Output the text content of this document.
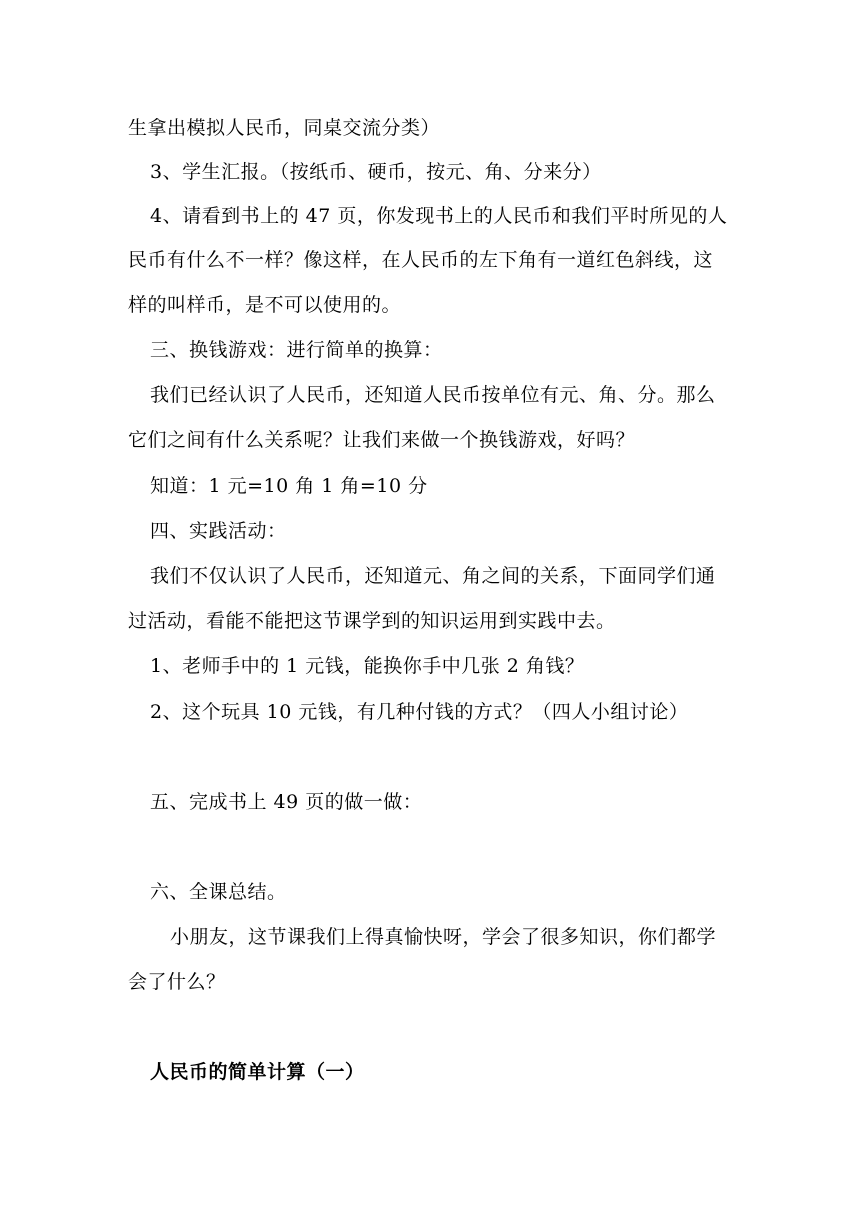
生拿出模拟人民币，同桌交流分类）
3、学生汇报。（按纸币、硬币，按元、角、分来分）
4、请看到书上的 47 页，你发现书上的人民币和我们平时所见的人
民币有什么不一样？像这样，在人民币的左下角有一道红色斜线，这
样的叫样币，是不可以使用的。
三、换钱游戏：进行简单的换算：
我们已经认识了人民币，还知道人民币按单位有元、角、分。那么
它们之间有什么关系呢？让我们来做一个换钱游戏，好吗？
知道：1 元=10 角 1 角=10 分
四、实践活动：
我们不仅认识了人民币，还知道元、角之间的关系，下面同学们通
过活动，看能不能把这节课学到的知识运用到实践中去。
1、老师手中的 1 元钱，能换你手中几张 2 角钱？
2、这个玩具 10 元钱，有几种付钱的方式？（四人小组讨论）
五、完成书上 49 页的做一做：
六、全课总结。
小朋友，这节课我们上得真愉快呀，学会了很多知识，你们都学
会了什么？
人民币的简单计算（一）
